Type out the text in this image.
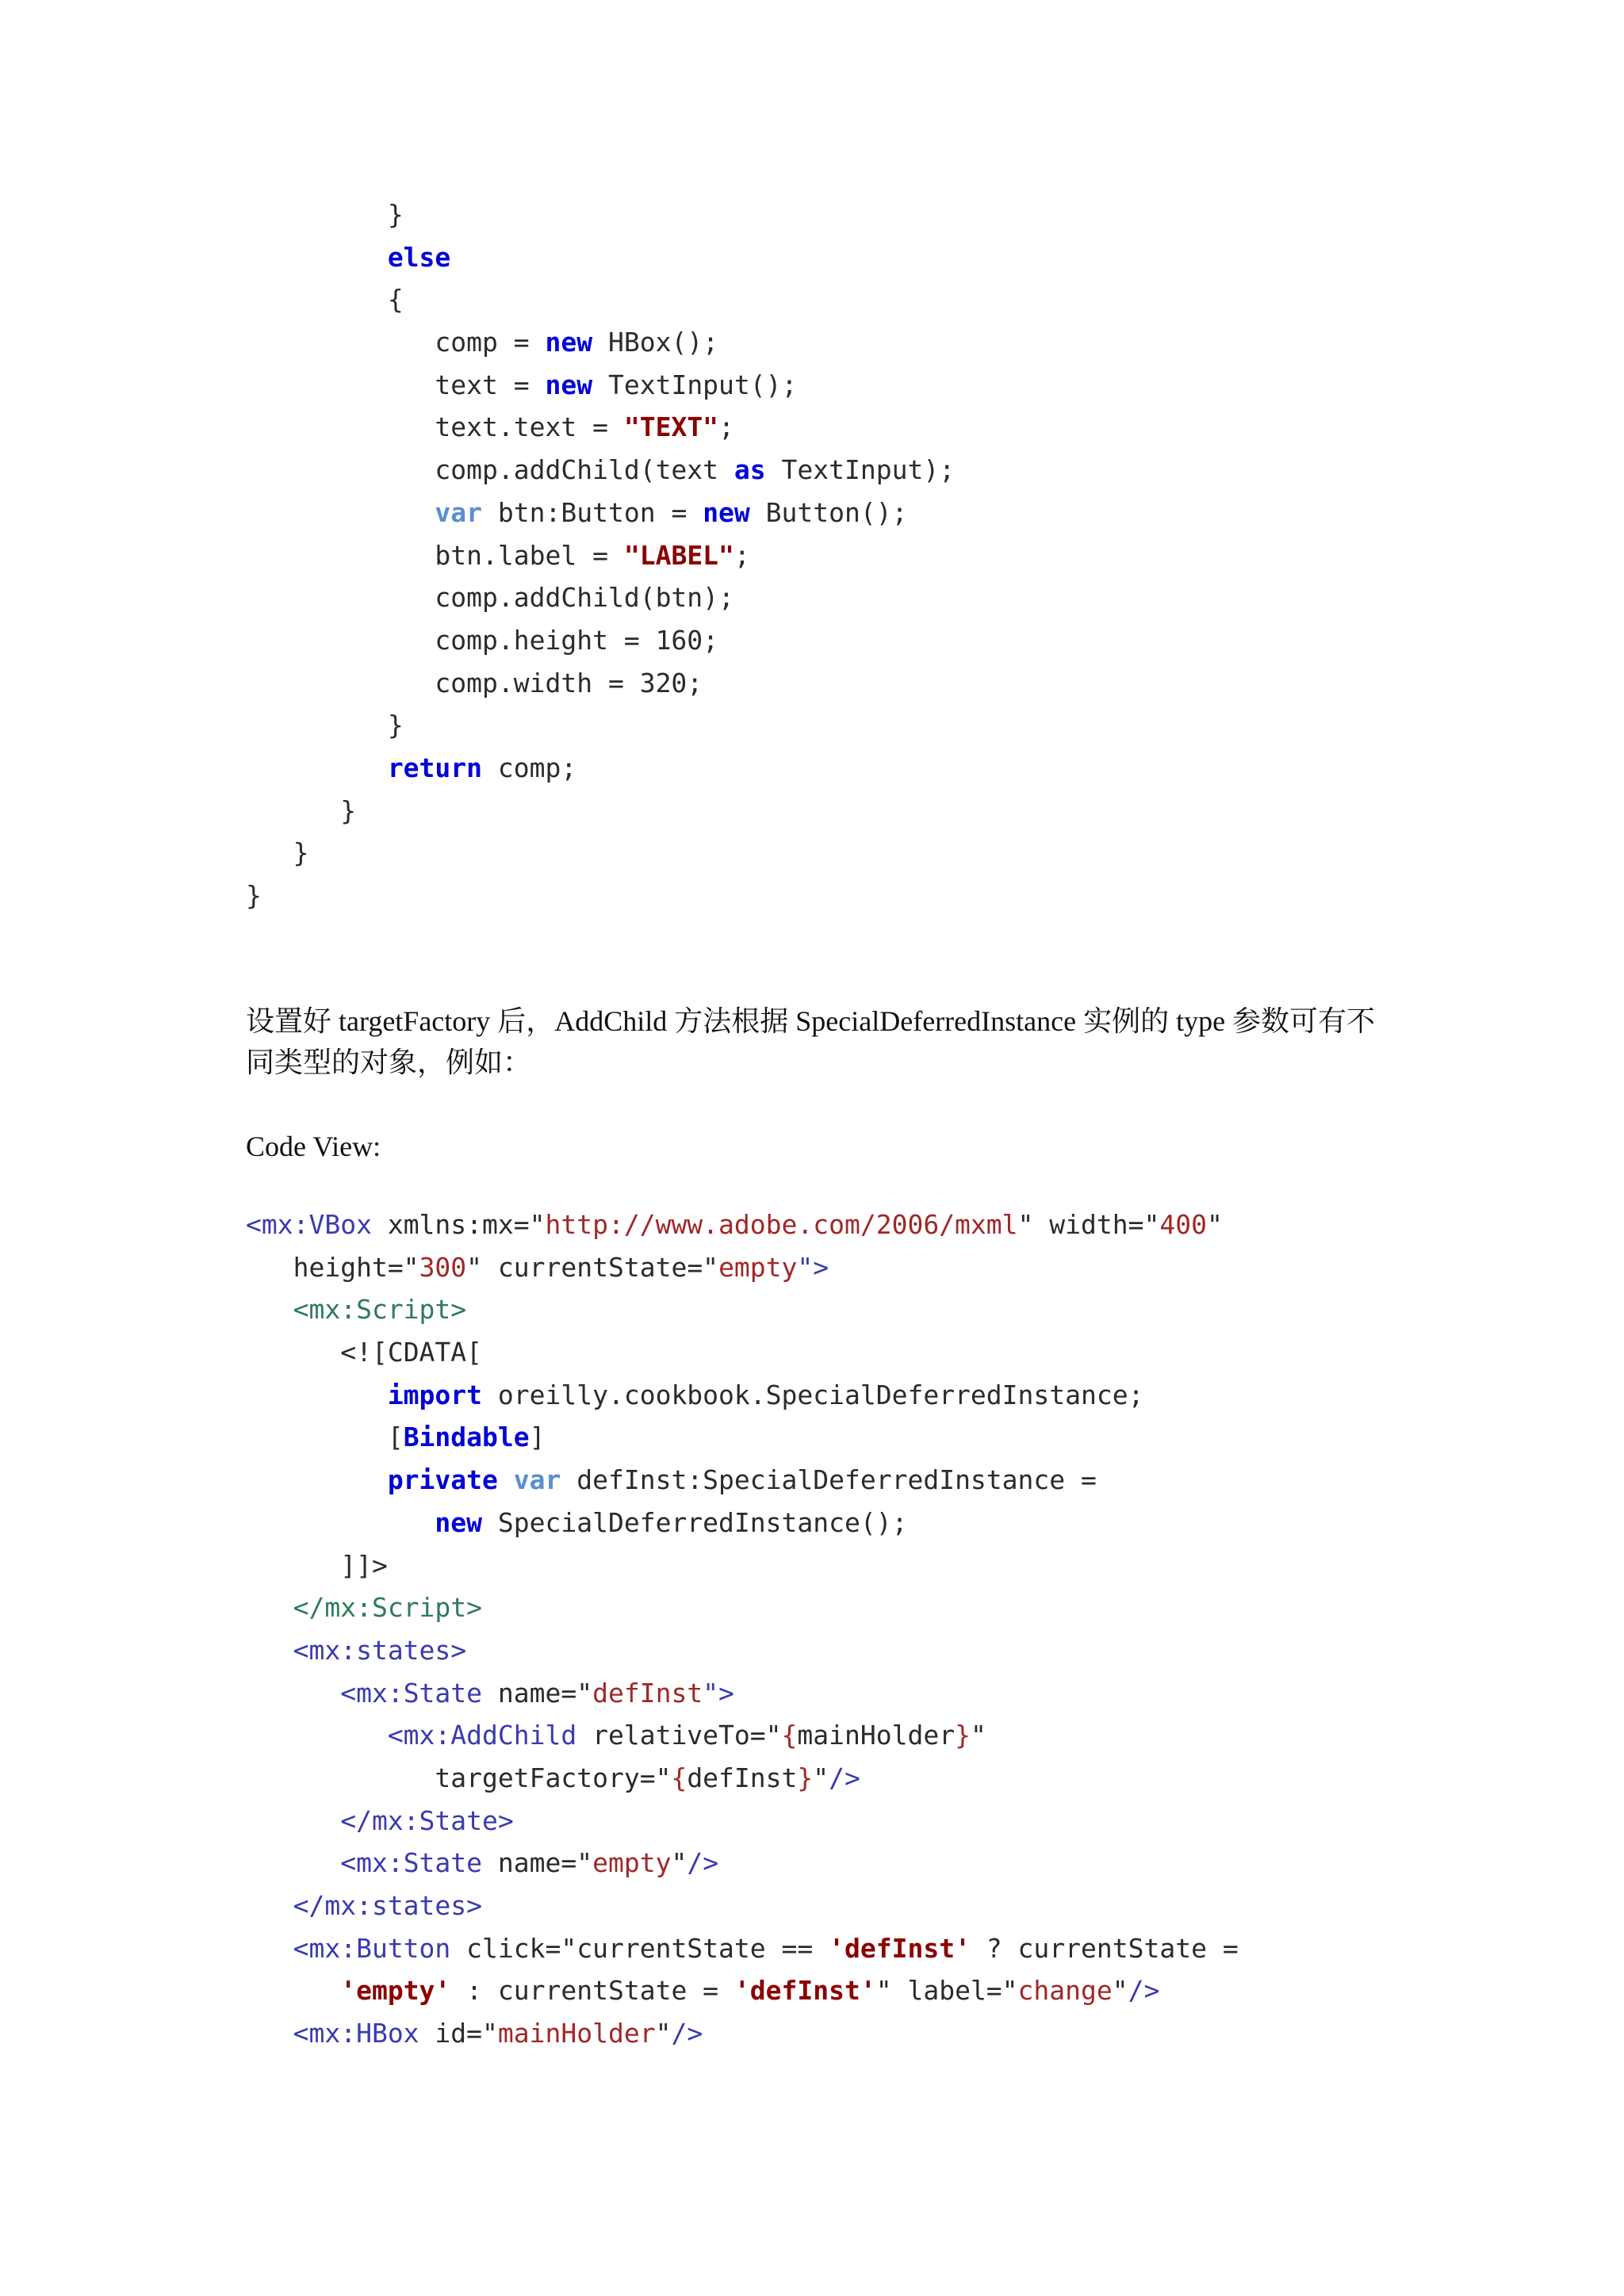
}
else
{
comp = new HBox();
text = new TextInput();
text.text = "TEXT";
comp.addChild(text as TextInput);
var btn:Button = new Button();
btn.label = "LABEL";
comp.addChild(btn);
comp.height = 160;
comp.width = 320;
}
return comp;
}
}
}
设置好 targetFactory 后，AddChild 方法根据 SpecialDeferredInstance 实例的 type 参数可有不同类型的对象，例如：
Code View:
<mx:VBox xmlns:mx="http://www.adobe.com/2006/mxml" width="400"
height="300" currentState="empty">
<mx:Script>
<![CDATA[
import oreilly.cookbook.SpecialDeferredInstance;
[Bindable]
private var defInst:SpecialDeferredInstance =
new SpecialDeferredInstance();
]]>
</mx:Script>
<mx:states>
<mx:State name="defInst">
<mx:AddChild relativeTo="{mainHolder}"
targetFactory="{defInst}"/>
</mx:State>
<mx:State name="empty"/>
</mx:states>
<mx:Button click="currentState == 'defInst' ? currentState =
'empty' : currentState = 'defInst'" label="change"/>
<mx:HBox id="mainHolder"/>
